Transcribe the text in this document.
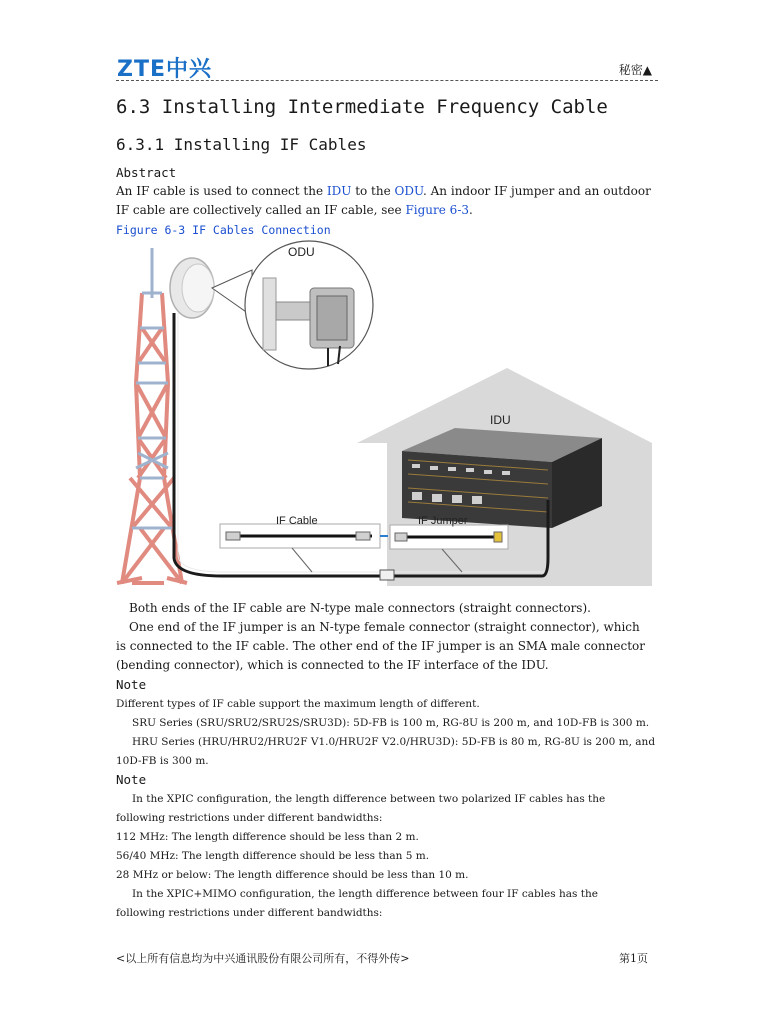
ZTE中兴	秘密▲
6.3 Installing Intermediate Frequency Cable
6.3.1 Installing IF Cables
Abstract
An IF cable is used to connect the IDU to the ODU. An indoor IF jumper and an outdoor
IF cable are collectively called an IF cable, see Figure 6-3.
Figure 6-3 IF Cables Connection
ODU
IDU
IF Cable	IF Jumper
Both ends of the IF cable are N-type male connectors (straight connectors).
One end of the IF jumper is an N-type female connector (straight connector), which
is connected to the IF cable. The other end of the IF jumper is an SMA male connector
(bending connector), which is connected to the IF interface of the IDU.
Note
Different types of IF cable support the maximum length of different.
SRU Series (SRU/SRU2/SRU2S/SRU3D): 5D-FB is 100 m, RG-8U is 200 m, and 10D-FB is 300 m.
HRU Series (HRU/HRU2/HRU2F V1.0/HRU2F V2.0/HRU3D): 5D-FB is 80 m, RG-8U is 200 m, and
10D-FB is 300 m.
Note
In the XPIC configuration, the length difference between two polarized IF cables has the
following restrictions under different bandwidths:
112 MHz: The length difference should be less than 2 m.
56/40 MHz: The length difference should be less than 5 m.
28 MHz or below: The length difference should be less than 10 m.
In the XPIC+MIMO configuration, the length difference between four IF cables has the
following restrictions under different bandwidths:
<以上所有信息均为中兴通讯股份有限公司所有，不得外传>	第1页
